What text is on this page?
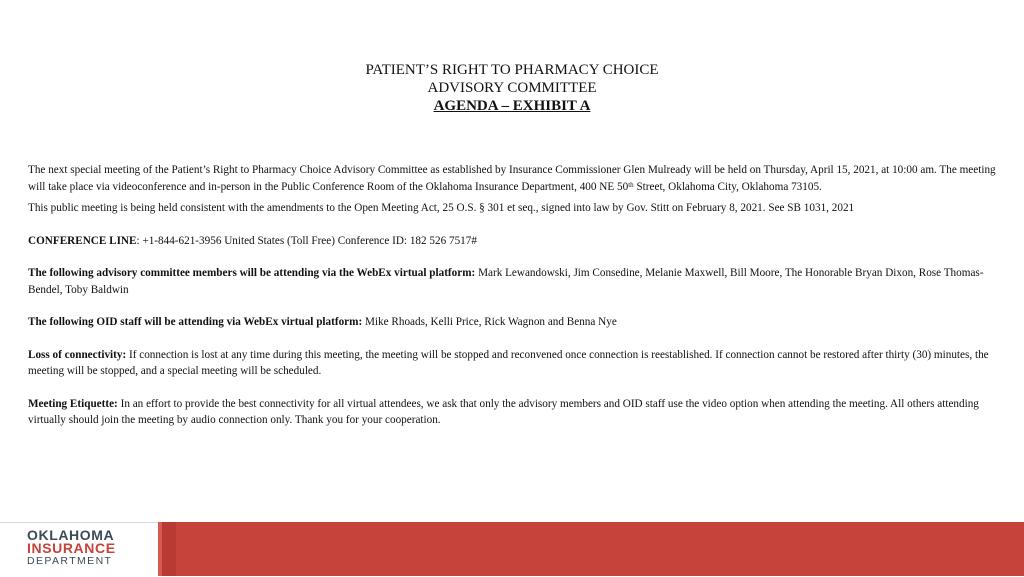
PATIENT’S RIGHT TO PHARMACY CHOICE
ADVISORY COMMITTEE
AGENDA – EXHIBIT A

The next special meeting of the Patient’s Right to Pharmacy Choice Advisory Committee as established by Insurance Commissioner Glen Mulready will be held on Thursday, April 15, 2021, at 10:00 am. The meeting will take place via videoconference and in-person in the Public Conference Room of the Oklahoma Insurance Department, 400 NE 50th Street, Oklahoma City, Oklahoma 73105.

This public meeting is being held consistent with the amendments to the Open Meeting Act, 25 O.S. § 301 et seq., signed into law by Gov. Stitt on February 8, 2021. See SB 1031, 2021

CONFERENCE LINE: +1-844-621-3956 United States (Toll Free) Conference ID: 182 526 7517#

The following advisory committee members will be attending via the WebEx virtual platform: Mark Lewandowski, Jim Consedine, Melanie Maxwell, Bill Moore, The Honorable Bryan Dixon, Rose Thomas-Bendel, Toby Baldwin

The following OID staff will be attending via WebEx virtual platform: Mike Rhoads, Kelli Price, Rick Wagnon and Benna Nye

Loss of connectivity: If connection is lost at any time during this meeting, the meeting will be stopped and reconvened once connection is reestablished. If connection cannot be restored after thirty (30) minutes, the meeting will be stopped, and a special meeting will be scheduled.

Meeting Etiquette: In an effort to provide the best connectivity for all virtual attendees, we ask that only the advisory members and OID staff use the video option when attending the meeting. All others attending virtually should join the meeting by audio connection only. Thank you for your cooperation.

OKLAHOMA
INSURANCE
DEPARTMENT
